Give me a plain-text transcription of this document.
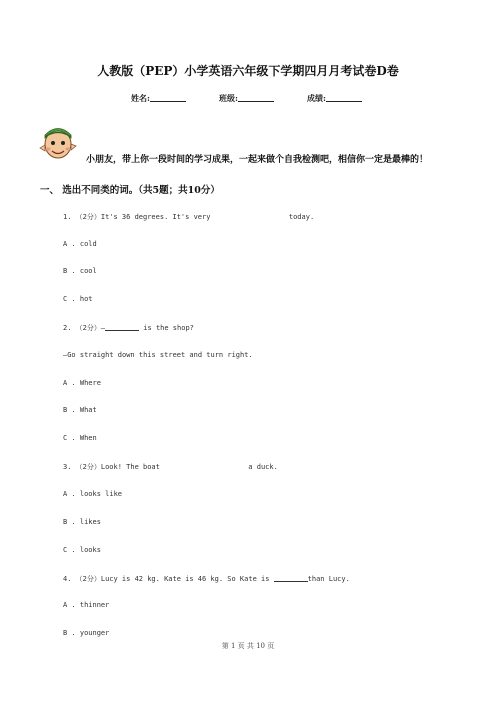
人教版（PEP）小学英语六年级下学期四月月考试卷D卷
姓名:	班级:	成绩:
小朋友，带上你一段时间的学习成果，一起来做个自我检测吧，相信你一定是最棒的！
一、 选出不同类的词。（共5题；共10分）
1. （2分）It's 36 degrees. It's very	today.
A . cold
B . cool
C . hot
2. （2分）—	is the shop?
—Go straight down this street and turn right.
A . Where
B . What
C . When
3. （2分）Look! The boat	a duck.
A . looks like
B . likes
C . looks
4. （2分）Lucy is 42 kg. Kate is 46 kg. So Kate is	than Lucy.
A . thinner
B . younger
第 1 页 共 10 页
